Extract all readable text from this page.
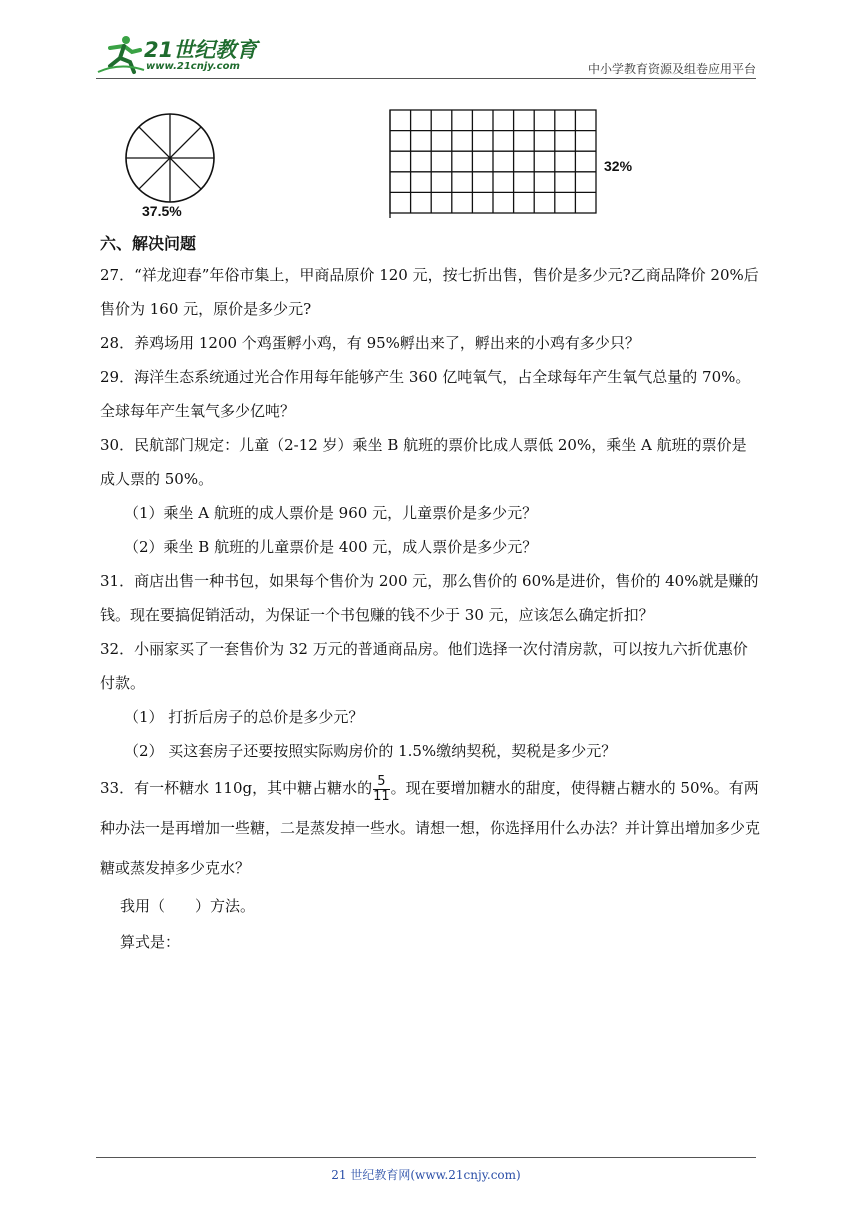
21世纪教育
www.21cnjy.com	中小学教育资源及组卷应用平台
37.5%
32%
六、解决问题

27．“祥龙迎春”年俗市集上，甲商品原价 120 元，按七折出售，售价是多少元?乙商品降价 20%后售价为 160 元，原价是多少元?

28．养鸡场用 1200 个鸡蛋孵小鸡，有 95%孵出来了，孵出来的小鸡有多少只？

29．海洋生态系统通过光合作用每年能够产生 360 亿吨氧气，占全球每年产生氧气总量的 70%。全球每年产生氧气多少亿吨？

30．民航部门规定：儿童（2-12 岁）乘坐 B 航班的票价比成人票低 20%，乘坐 A 航班的票价是成人票的 50%。

（1）乘坐 A 航班的成人票价是 960 元，儿童票价是多少元？

（2）乘坐 B 航班的儿童票价是 400 元，成人票价是多少元？

31．商店出售一种书包，如果每个售价为 200 元，那么售价的 60%是进价，售价的 40%就是赚的钱。现在要搞促销活动，为保证一个书包赚的钱不少于 30 元，应该怎么确定折扣？

32．小丽家买了一套售价为 32 万元的普通商品房。他们选择一次付清房款，可以按九六折优惠价付款。

（1） 打折后房子的总价是多少元？

（2） 买这套房子还要按照实际购房价的 1.5%缴纳契税，契税是多少元？

33．有一杯糖水 110g，其中糖占糖水的 $\frac{5}{11}$ 。现在要增加糖水的甜度，使得糖占糖水的 50%。有两种办法一是再增加一些糖，二是蒸发掉一些水。请想一想，你选择用什么办法？并计算出增加多少克糖或蒸发掉多少克水？

我用（　　）方法。

算式是：

21 世纪教育网(www.21cnjy.com)
